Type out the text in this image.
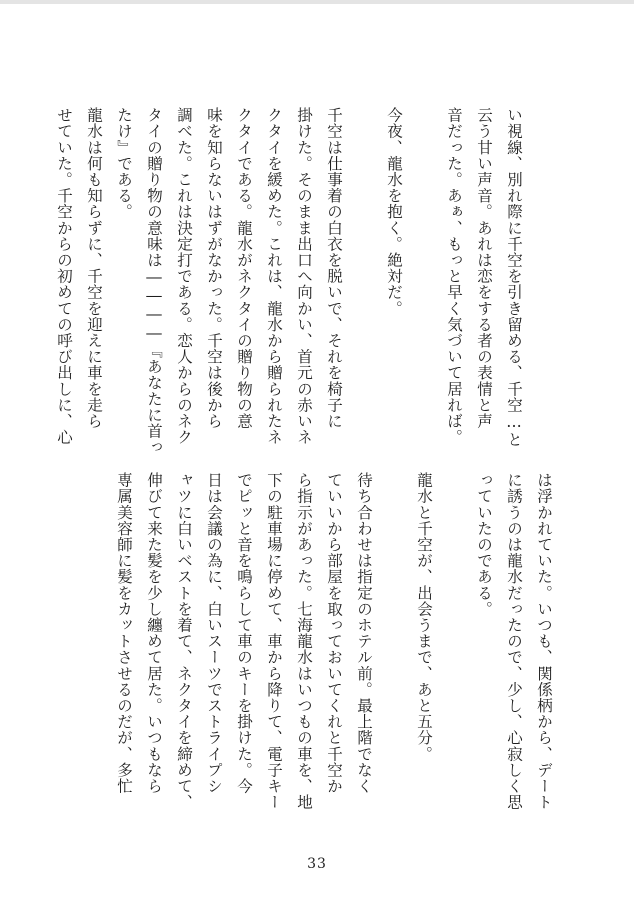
い視線、別れ際に千空を引き留める、千空…と
云う甘い声音。あれは恋をする者の表情と声
音だった。あぁ、もっと早く気づいて居れば。
今夜、龍水を抱く。絶対だ。
千空は仕事着の白衣を脱いで、それを椅子に
掛けた。そのまま出口へ向かい、首元の赤いネ
クタイを緩めた。これは、龍水から贈られたネ
クタイである。龍水がネクタイの贈り物の意
味を知らないはずがなかった。千空は後から
調べた。これは決定打である。恋人からのネク
タイの贈り物の意味は――――『あなたに首っ
たけ』である。
龍水は何も知らずに、千空を迎えに車を走ら
せていた。千空からの初めての呼び出しに、心
は浮かれていた。いつも、関係柄から、デート
に誘うのは龍水だったので、少し、心寂しく思
っていたのである。
龍水と千空が、出会うまで、あと五分。
待ち合わせは指定のホテル前。最上階でなく
ていいから部屋を取っておいてくれと千空か
ら指示があった。七海龍水はいつもの車を、地
下の駐車場に停めて、車から降りて、電子キー
でピッと音を鳴らして車のキーを掛けた。今
日は会議の為に、白いスーツでストライプシ
ャツに白いベストを着て、ネクタイを締めて、
伸びて来た髪を少し纏めて居た。いつもなら
専属美容師に髪をカットさせるのだが、多忙
33
